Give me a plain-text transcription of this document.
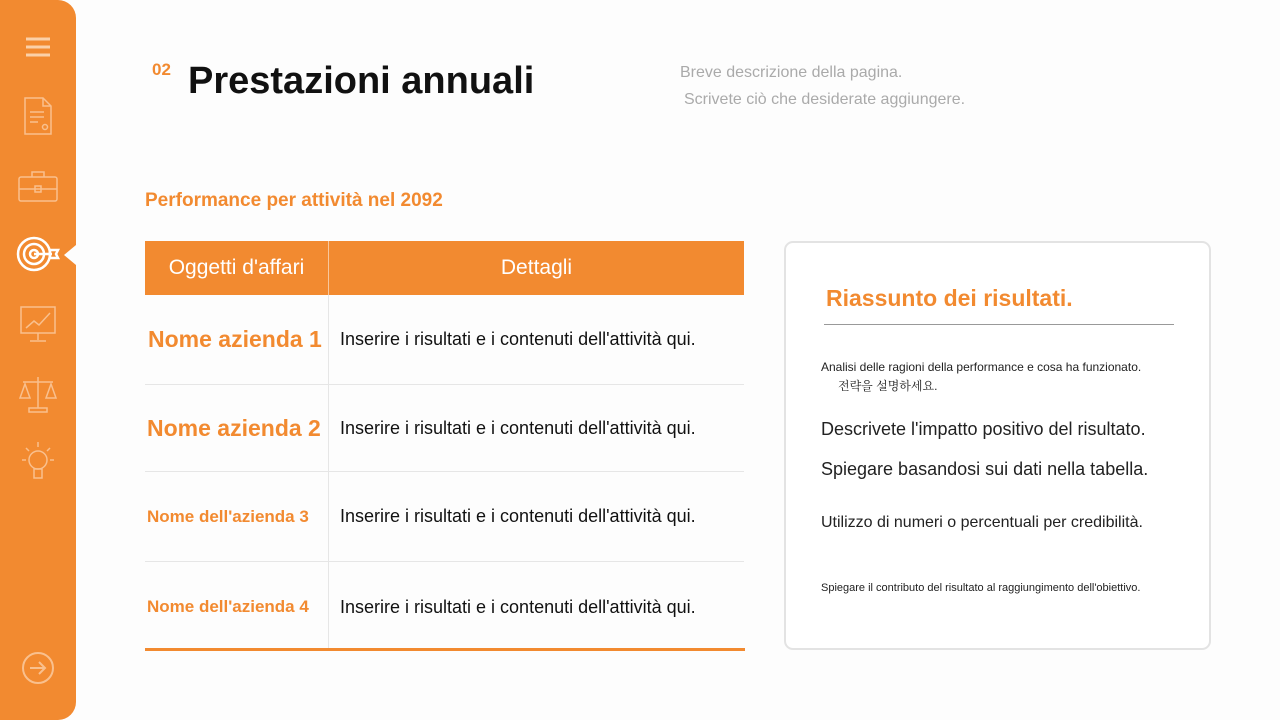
02 Prestazioni annuali	Breve descrizione della pagina.
Scrivete ciò che desiderate aggiungere.
Performance per attività nel 2092
Oggetti d'affari	Dettagli
Nome azienda 1	Inserire i risultati e i contenuti dell'attività qui.
Nome azienda 2	Inserire i risultati e i contenuti dell'attività qui.
Nome dell'azienda 3	Inserire i risultati e i contenuti dell'attività qui.
Nome dell'azienda 4	Inserire i risultati e i contenuti dell'attività qui.
Riassunto dei risultati.

Analisi delle ragioni della performance e cosa ha funzionato.

전략을 설명하세요.

Descrivete l'impatto positivo del risultato.

Spiegare basandosi sui dati nella tabella.

Utilizzo di numeri o percentuali per credibilità.

Spiegare il contributo del risultato al raggiungimento dell'obiettivo.
